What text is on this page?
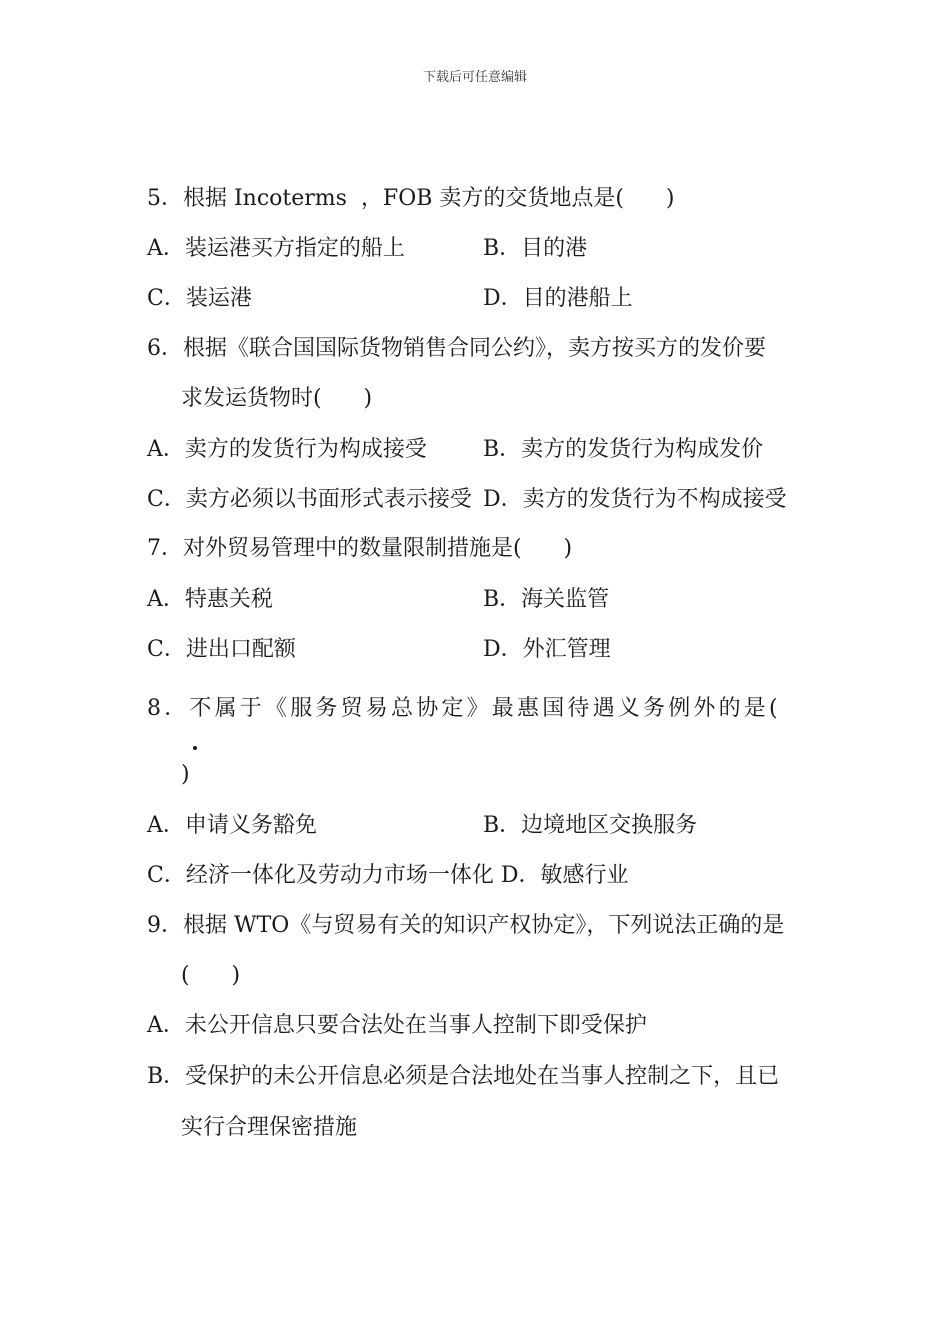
下载后可任意编辑
5．根据 Incoterms  ，FOB 卖方的交货地点是(      )
A．装运港买方指定的船上	B．目的港
C．装运港	D．目的港船上
6．根据《联合国国际货物销售合同公约》，卖方按买方的发价要
求发运货物时(      )
A．卖方的发货行为构成接受	B．卖方的发货行为构成发价
C．卖方必须以书面形式表示接受 D．卖方的发货行为不构成接受
7．对外贸易管理中的数量限制措施是(      )
A．特惠关税	B．海关监管
C．进出口配额	D．外汇管理
8．不属于《服务贸易总协定》最惠国待遇义务例外的是(
)
A．申请义务豁免	B．边境地区交换服务
C．经济一体化及劳动力市场一体化 D．敏感行业
9．根据 WTO《与贸易有关的知识产权协定》，下列说法正确的是
(      )
A．未公开信息只要合法处在当事人控制下即受保护
B．受保护的未公开信息必须是合法地处在当事人控制之下，且已
实行合理保密措施
